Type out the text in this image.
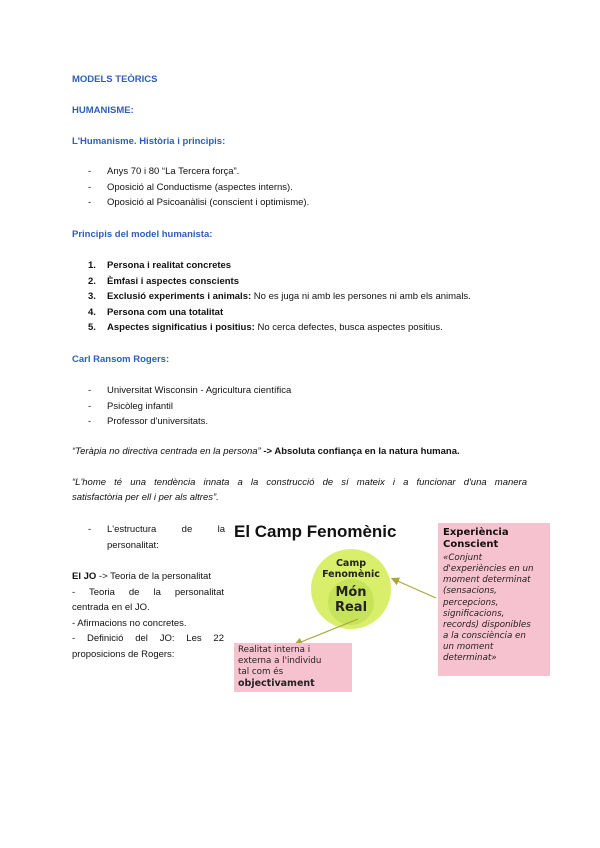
MODELS TEÒRICS
HUMANISME:
L'Humanisme. Història i principis:
- Anys 70 i 80 “La Tercera força”.
- Oposició al Conductisme (aspectes interns).
- Oposició al Psicoanàlisi (conscient i optimisme).
Principis del model humanista:
1. Persona i realitat concretes
2. Èmfasi i aspectes conscients
3. Exclusió experiments i animals: No es juga ni amb les persones ni amb els animals.
4. Persona com una totalitat
5. Aspectes significatius i positius: No cerca defectes, busca aspectes positius.
Carl Ransom Rogers:
- Universitat Wisconsin - Agricultura científica
- Psicòleg infantil
- Professor d'universitats.
“Teràpia no directiva centrada en la persona” -> Absoluta confiança en la natura humana.
“L'home té una tendència innata a la construcció de sí mateix i a funcionar d'una manera
satisfactòria per ell i per als altres”.
- L'estructura	de	la
personalitat:
El JO -> Teoria de la personalitat
- Teoria de la personalitat
centrada en el JO.
- Afirmacions no concretes.
- Definició del JO: Les 22
proposicions de Rogers:
El Camp Fenomènic
Camp
Fenomènic
Món
Real
Experiència
Conscient
«Conjunt
d'experiències en un
moment determinat
(sensacions,
percepcions,
significacions,
records) disponibles
a la consciència en
un moment
determinat»
Realitat interna i
externa a l'individu
tal com és
objectivament
